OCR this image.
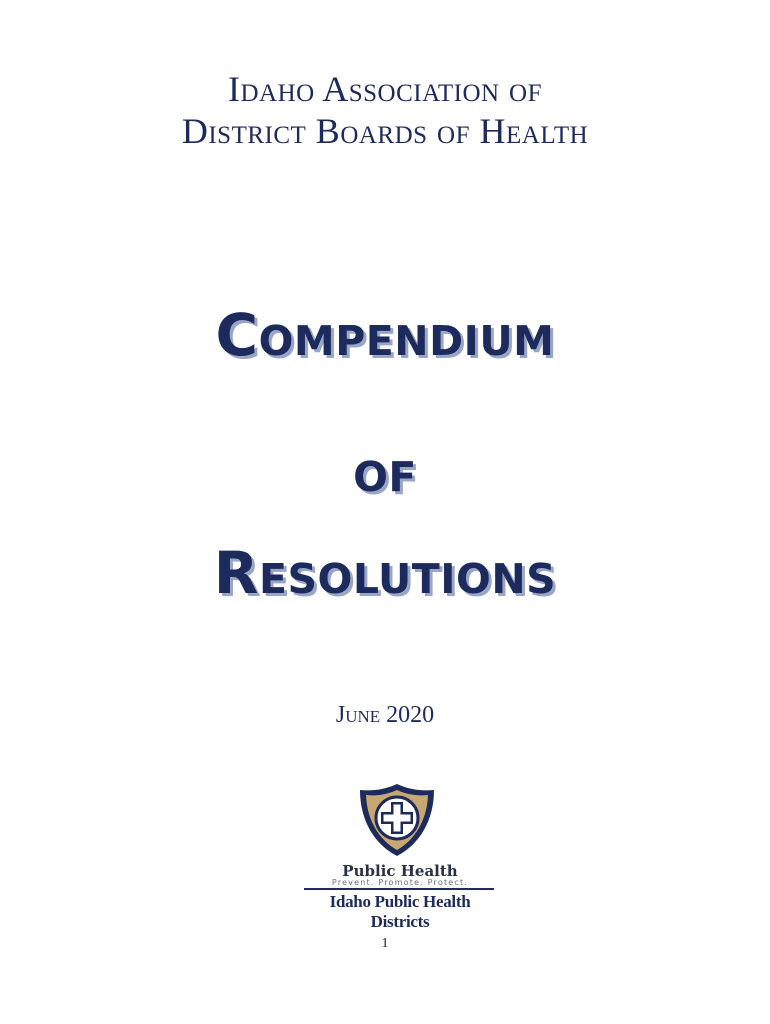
Idaho Association of
District Boards of Health
Compendium
of
Resolutions
June 2020
Public Health
Prevent. Promote. Protect.
Idaho Public Health Districts
1
